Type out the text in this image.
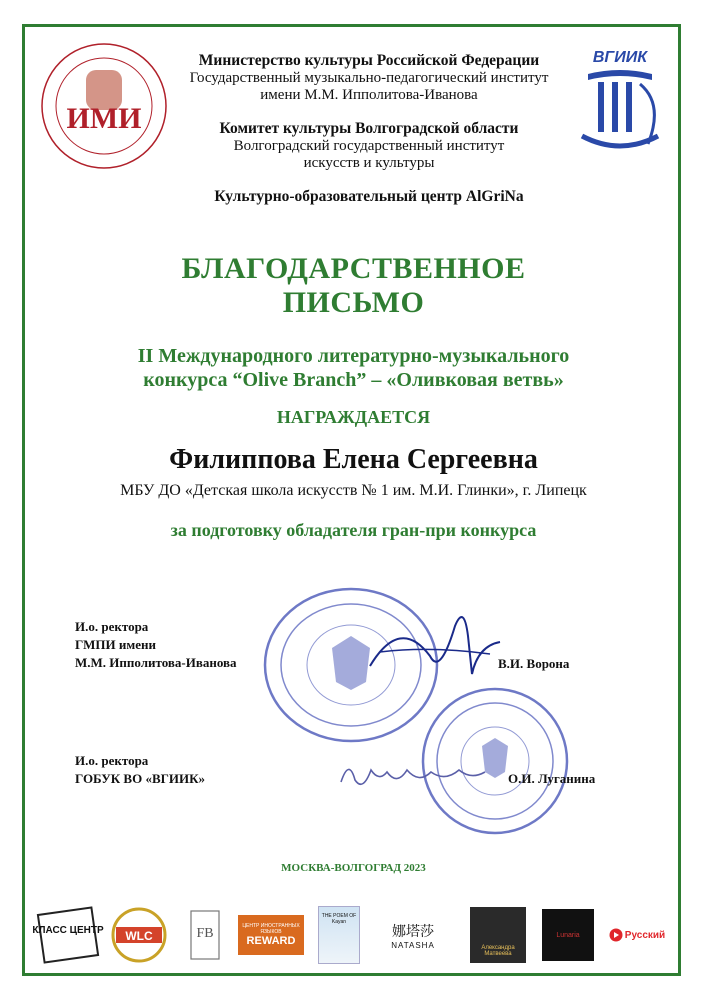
ИМИ
ВГИИК
Министерство культуры Российской Федерации
Государственный музыкально-педагогический институт
имени М.М. Ипполитова-Иванова
Комитет культуры Волгоградской области
Волгоградский государственный институт
искусств и культуры
Культурно-образовательный центр AlGriNa
БЛАГОДАРСТВЕННОЕ
ПИСЬМО
II Международного литературно-музыкального
конкурса “Olive Branch” – «Оливковая ветвь»
НАГРАЖДАЕТСЯ
Филиппова Елена Сергеевна
МБУ ДО «Детская школа искусств № 1 им. М.И. Глинки», г. Липецк
за подготовку обладателя гран-при конкурса
И.о. ректора
ГМПИ имени
М.М. Ипполитова-Иванова	В.И. Ворона
И.о. ректора
ГОБУК ВО «ВГИИК»	О.И. Луганина
МОСКВА-ВОЛГОГРАД 2023
КЛАСС ЦЕНТР WLC	FB	ЦЕНТР ИНОСТРАННЫХ ЯЗЫКОВ
REWARD
THE POEM OF Kayan
娜塔莎
NATASHA	Александра Матвеева
Lunaria	Русский
